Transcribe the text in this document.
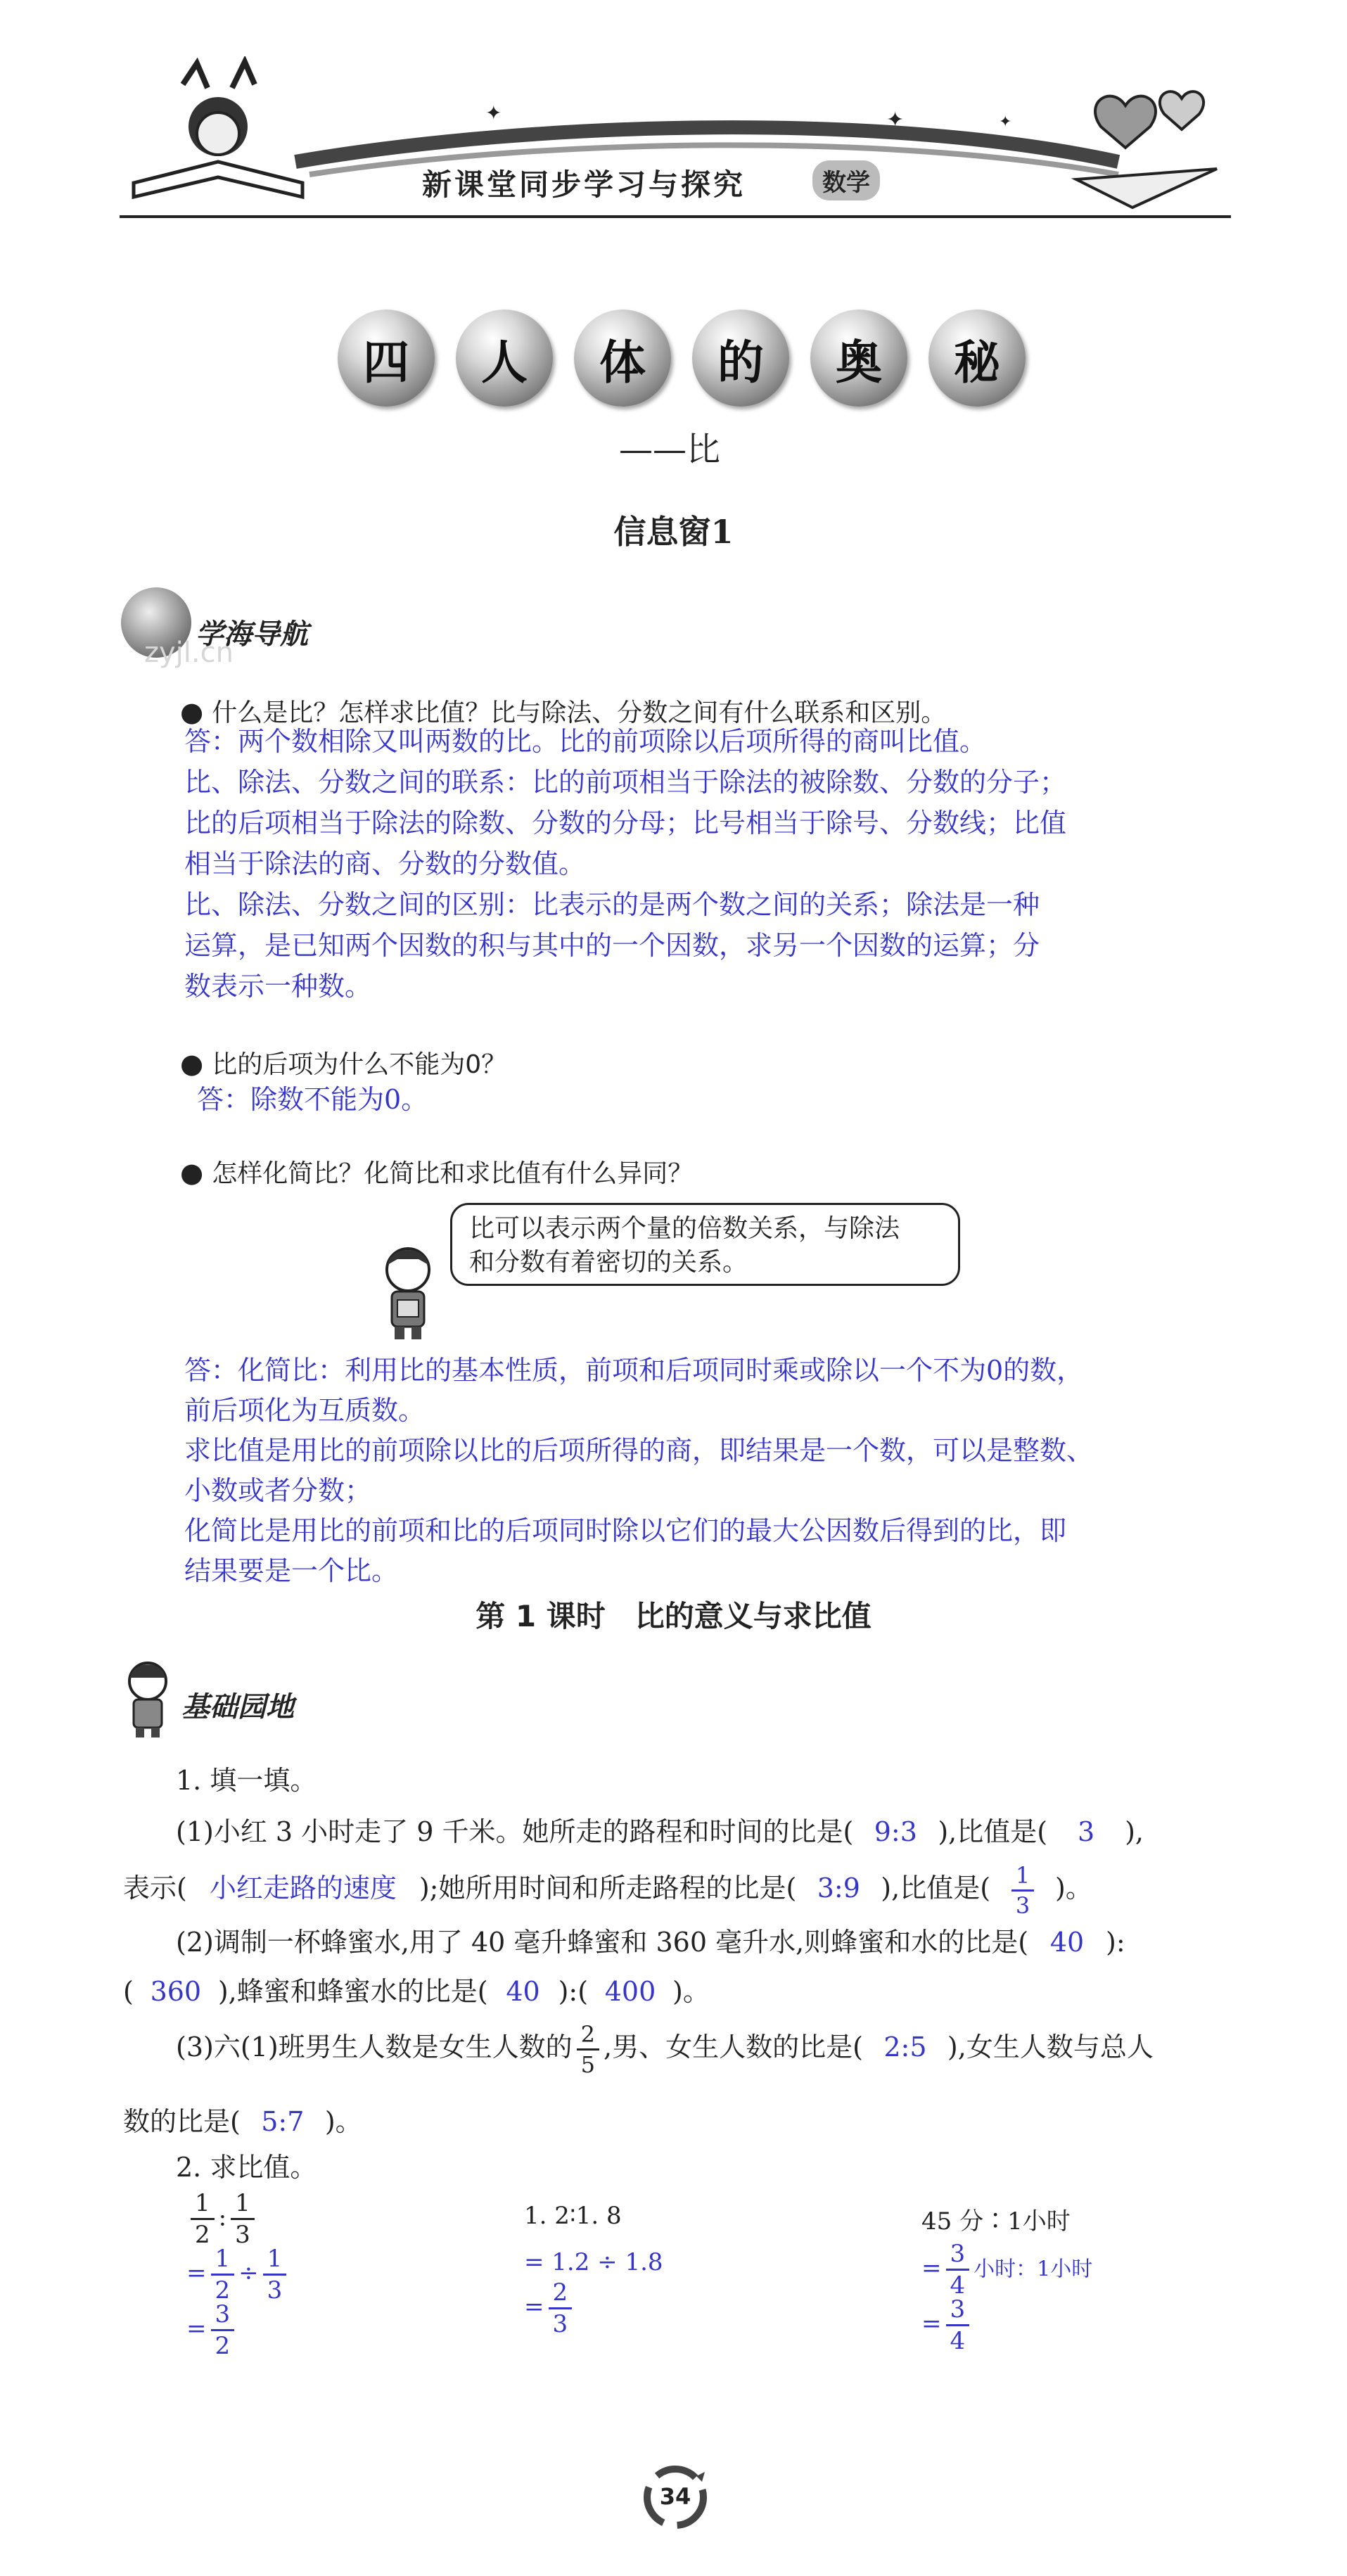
✦	✦	✦
新课堂同步学习与探究	数学
四	人	体	的	奥	秘
——比
信息窗1
学海导航
zyjl.cn
● 什么是比？怎样求比值？比与除法、分数之间有什么联系和区别。
答：两个数相除又叫两数的比。比的前项除以后项所得的商叫比值。
比、除法、分数之间的联系：比的前项相当于除法的被除数、分数的分子；
比的后项相当于除法的除数、分数的分母；比号相当于除号、分数线；比值
相当于除法的商、分数的分数值。
比、除法、分数之间的区别：比表示的是两个数之间的关系；除法是一种
运算，是已知两个因数的积与其中的一个因数，求另一个因数的运算；分
数表示一种数。
● 比的后项为什么不能为0？
答：除数不能为0。
● 怎样化简比？化简比和求比值有什么异同？
比可以表示两个量的倍数关系，与除法
和分数有着密切的关系。
答：化简比：利用比的基本性质，前项和后项同时乘或除以一个不为0的数，
前后项化为互质数。
求比值是用比的前项除以比的后项所得的商，即结果是一个数，可以是整数、
小数或者分数；
化简比是用比的前项和比的后项同时除以它们的最大公因数后得到的比，即
结果要是一个比。
第 1 课时　比的意义与求比值
基础园地
1. 填一填。
(1)小红 3 小时走了 9 千米。她所走的路程和时间的比是( 9:3 ),比值是( 3 ),
表示( 小红走路的速度 );她所用时间和所走路程的比是( 3:9 ),比值是( $\frac{1}{3}$ )。
(2)调制一杯蜂蜜水,用了 40 毫升蜂蜜和 360 毫升水,则蜂蜜和水的比是( 40 ):
( 360 ),蜂蜜和蜂蜜水的比是( 40 ):( 400 )。
(3)六(1)班男生人数是女生人数的 $\frac{2}{5}$ ,男、女生人数的比是( 2:5 ),女生人数与总人
数的比是( 5:7 )。
2. 求比值。
$\frac{1}{2}$ : $\frac{1}{3}$
= $\frac{1}{2} \div \frac{1}{3}$
= $\frac{3}{2}$
1. 2∶1. 8
= 1.2 ÷ 1.8
= $\frac{2}{3}$
45 分∶1小时
= $\frac{3}{4}$ 小时：1小时
= $\frac{3}{4}$
34
